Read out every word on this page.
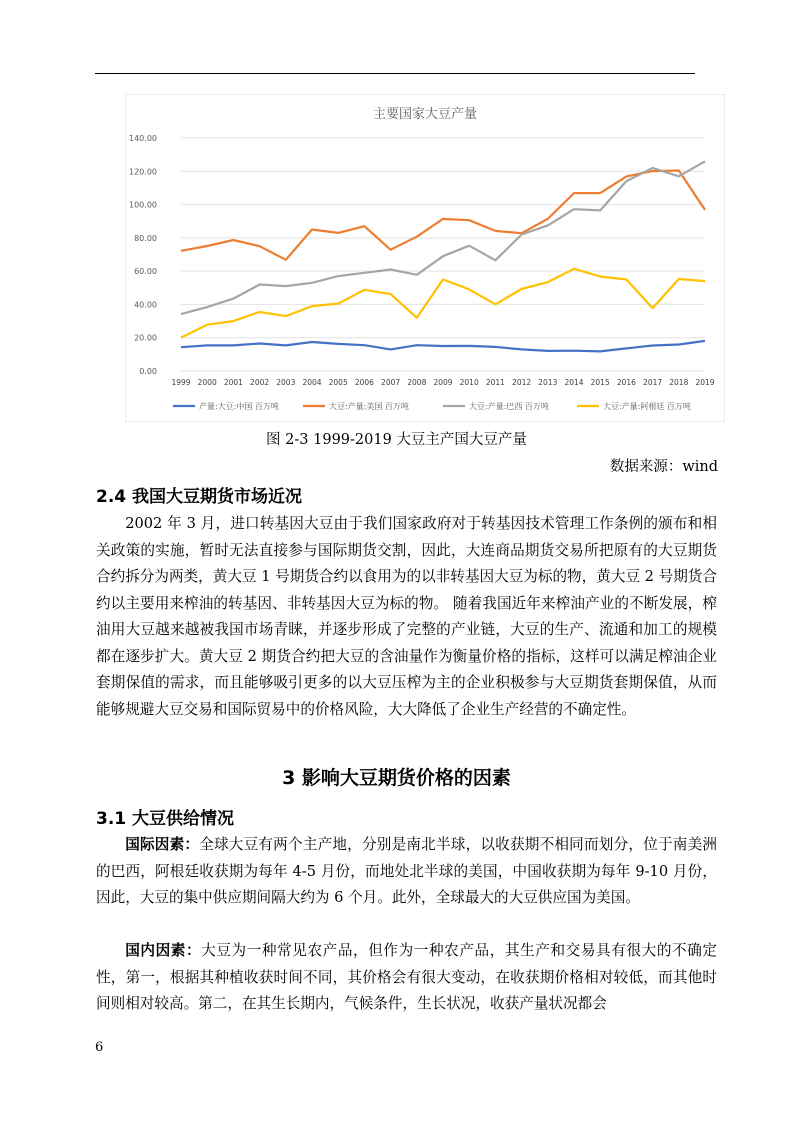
主要国家大豆产量
0.00
20.00
40.00
60.00
80.00
100.00
120.00
140.00
1999 2000 2001 2002 2003 2004 2005 2006 2007 2008 2009 2010 2011 2012 2013 2014 2015 2016 2017 2018 2019
产量:大豆:中国 百万吨	大豆:产量:美国 百万吨	大豆:产量:巴西 百万吨	大豆:产量:阿根廷 百万吨
图 2-3 1999-2019 大豆主产国大豆产量
数据来源：wind
2.4 我国大豆期货市场近况

2002 年 3 月，进口转基因大豆由于我们国家政府对于转基因技术管理工作条例的颁布和相关政策的实施，暂时无法直接参与国际期货交割，因此，大连商品期货交易所把原有的大豆期货合约拆分为两类，黄大豆 1 号期货合约以食用为的以非转基因大豆为标的物，黄大豆 2 号期货合约以主要用来榨油的转基因、非转基因大豆为标的物。 随着我国近年来榨油产业的不断发展，榨油用大豆越来越被我国市场青睐，并逐步形成了完整的产业链，大豆的生产、流通和加工的规模都在逐步扩大。黄大豆 2 期货合约把大豆的含油量作为衡量价格的指标，这样可以满足榨油企业套期保值的需求，而且能够吸引更多的以大豆压榨为主的企业积极参与大豆期货套期保值，从而能够规避大豆交易和国际贸易中的价格风险，大大降低了企业生产经营的不确定性。

3 影响大豆期货价格的因素
3.1 大豆供给情况

国际因素：全球大豆有两个主产地，分别是南北半球，以收获期不相同而划分，位于南美洲的巴西，阿根廷收获期为每年 4-5 月份，而地处北半球的美国，中国收获期为每年 9-10 月份，因此，大豆的集中供应期间隔大约为 6 个月。此外，全球最大的大豆供应国为美国。

国内因素：大豆为一种常见农产品，但作为一种农产品，其生产和交易具有很大的不确定性，第一，根据其种植收获时间不同，其价格会有很大变动，在收获期价格相对较低，而其他时间则相对较高。第二，在其生长期内，气候条件，生长状况，收获产量状况都会

6
